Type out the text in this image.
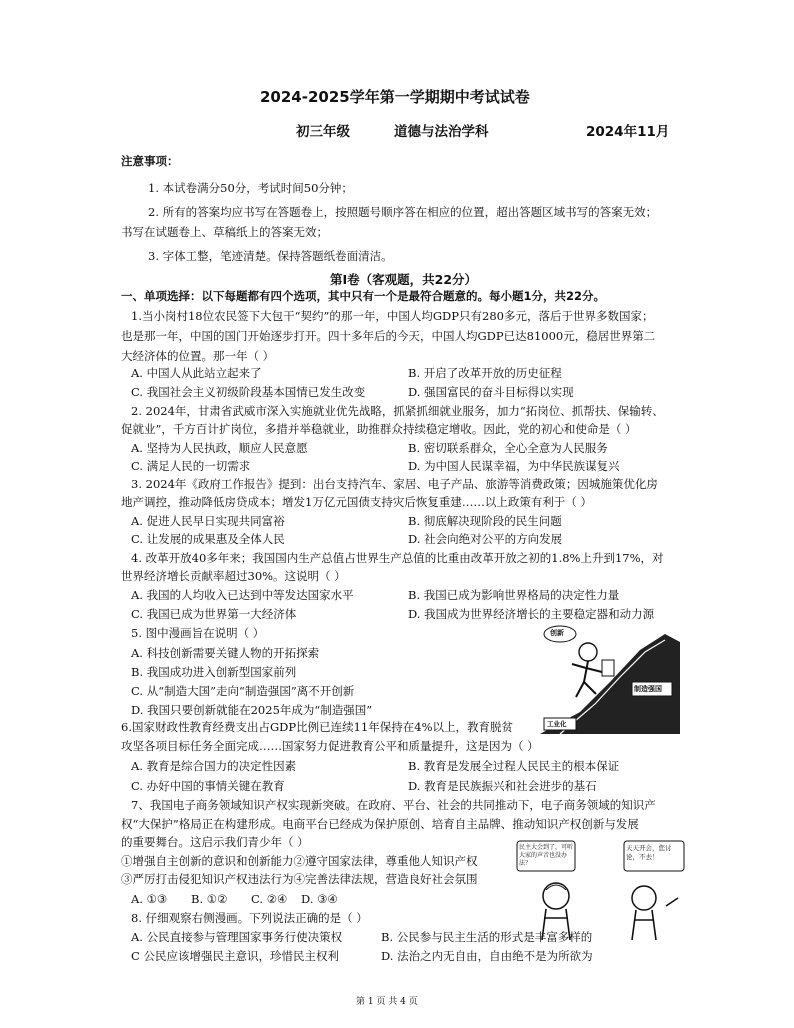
2024-2025学年第一学期期中考试试卷
初三年级	道德与法治学科	2024年11月
注意事项：
1. 本试卷满分50分，考试时间50分钟；
2. 所有的答案均应书写在答题卷上，按照题号顺序答在相应的位置，超出答题区域书写的答案无效；
书写在试题卷上、草稿纸上的答案无效；
3. 字体工整，笔迹清楚。保持答题纸卷面清洁。
第Ⅰ卷（客观题，共22分）
一、单项选择：以下每题都有四个选项，其中只有一个是最符合题意的。每小题1分，共22分。
1.当小岗村18位农民签下大包干“契约”的那一年，中国人均GDP只有280多元，落后于世界多数国家；
也是那一年，中国的国门开始逐步打开。四十多年后的今天，中国人均GDP已达81000元，稳居世界第二
大经济体的位置。那一年（ ）
A. 中国人从此站立起来了	B. 开启了改革开放的历史征程
C. 我国社会主义初级阶段基本国情已发生改变	D. 强国富民的奋斗目标得以实现
2. 2024年，甘肃省武威市深入实施就业优先战略，抓紧抓细就业服务，加力“拓岗位、抓帮扶、保输转、
促就业”，千方百计扩岗位，多措并举稳就业，助推群众持续稳定增收。因此，党的初心和使命是（ ）
A. 坚持为人民执政，顺应人民意愿	B. 密切联系群众，全心全意为人民服务
C. 满足人民的一切需求	D. 为中国人民谋幸福，为中华民族谋复兴
3. 2024年《政府工作报告》提到：出台支持汽车、家居、电子产品、旅游等消费政策；因城施策优化房
地产调控，推动降低房贷成本；增发1万亿元国债支持灾后恢复重建……以上政策有利于（ ）
A. 促进人民早日实现共同富裕	B. 彻底解决现阶段的民生问题
C. 让发展的成果惠及全体人民	D. 社会向绝对公平的方向发展
4. 改革开放40多年来；我国国内生产总值占世界生产总值的比重由改革开放之初的1.8%上升到17%，对
世界经济增长贡献率超过30%。这说明（ ）
A. 我国的人均收入已达到中等发达国家水平	B. 我国已成为影响世界格局的决定性力量
C. 我国已成为世界第一大经济体	D. 我国成为世界经济增长的主要稳定器和动力源
5. 图中漫画旨在说明（ ）
A. 科技创新需要关键人物的开拓探索
B. 我国成功进入创新型国家前列
C. 从“制造大国”走向“制造强国”离不开创新
D. 我国只要创新就能在2025年成为“制造强国”
创新
制造强国
工业化
6.国家财政性教育经费支出占GDP比例已连续11年保持在4%以上，教育脱贫
攻坚各项目标任务全面完成……国家努力促进教育公平和质量提升，这是因为（ ）
A. 教育是综合国力的决定性因素	B. 教育是发展全过程人民民主的根本保证
C. 办好中国的事情关键在教育	D. 教育是民族振兴和社会进步的基石
7、我国电子商务领域知识产权实现新突破。在政府、平台、社会的共同推动下，电子商务领域的知识产
权“大保护”格局正在构建形成。电商平台已经成为保护原创、培育自主品牌、推动知识产权创新与发展
的重要舞台。这启示我们青少年（ ）
①增强自主创新的意识和创新能力②遵守国家法律，尊重他人知识产权
③严厉打击侵犯知识产权违法行为④完善法律法规，营造良好社会氛围
A. ①③ B. ①② C. ②④ D. ③④
民主大会到了，可听大家的声音也没办法？
天天开会，您讨论，不去！
8. 仔细观察右侧漫画。下列说法正确的是（ ）
A. 公民直接参与管理国家事务行使决策权	B. 公民参与民主生活的形式是丰富多样的
C 公民应该增强民主意识，珍惜民主权利	D. 法治之内无自由，自由绝不是为所欲为
第 1 页 共 4 页
